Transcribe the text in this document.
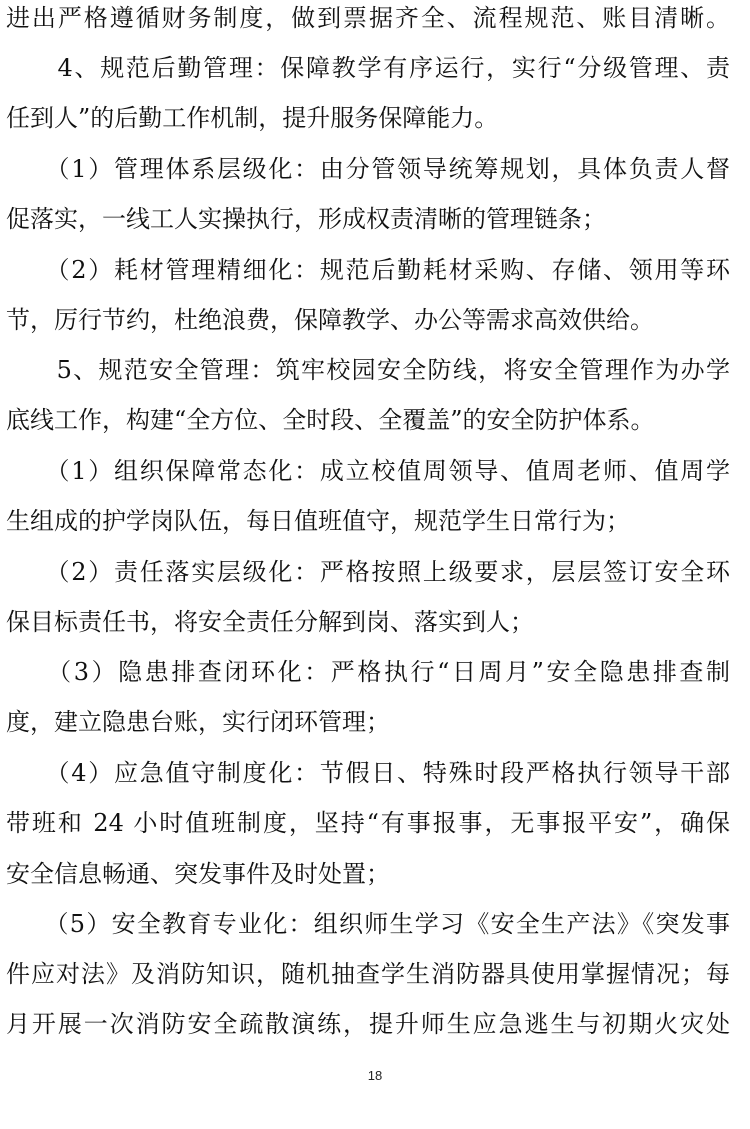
进出严格遵循财务制度，做到票据齐全、流程规范、账目清晰。
　　4、规范后勤管理：保障教学有序运行，实行“分级管理、责
任到人”的后勤工作机制，提升服务保障能力。
　　（1）管理体系层级化：由分管领导统筹规划，具体负责人督
促落实，一线工人实操执行，形成权责清晰的管理链条；
　　（2）耗材管理精细化：规范后勤耗材采购、存储、领用等环
节，厉行节约，杜绝浪费，保障教学、办公等需求高效供给。
　　5、规范安全管理：筑牢校园安全防线，将安全管理作为办学
底线工作，构建“全方位、全时段、全覆盖”的安全防护体系。
　　（1）组织保障常态化：成立校值周领导、值周老师、值周学
生组成的护学岗队伍，每日值班值守，规范学生日常行为；
　　（2）责任落实层级化：严格按照上级要求，层层签订安全环
保目标责任书，将安全责任分解到岗、落实到人；
　　（3）隐患排查闭环化：严格执行“日周月”安全隐患排查制
度，建立隐患台账，实行闭环管理；
　　（4）应急值守制度化：节假日、特殊时段严格执行领导干部
带班和 24 小时值班制度，坚持“有事报事，无事报平安”，确保
安全信息畅通、突发事件及时处置；
　　（5）安全教育专业化：组织师生学习《安全生产法》《突发事
件应对法》及消防知识，随机抽查学生消防器具使用掌握情况；每
月开展一次消防安全疏散演练，提升师生应急逃生与初期火灾处
18
